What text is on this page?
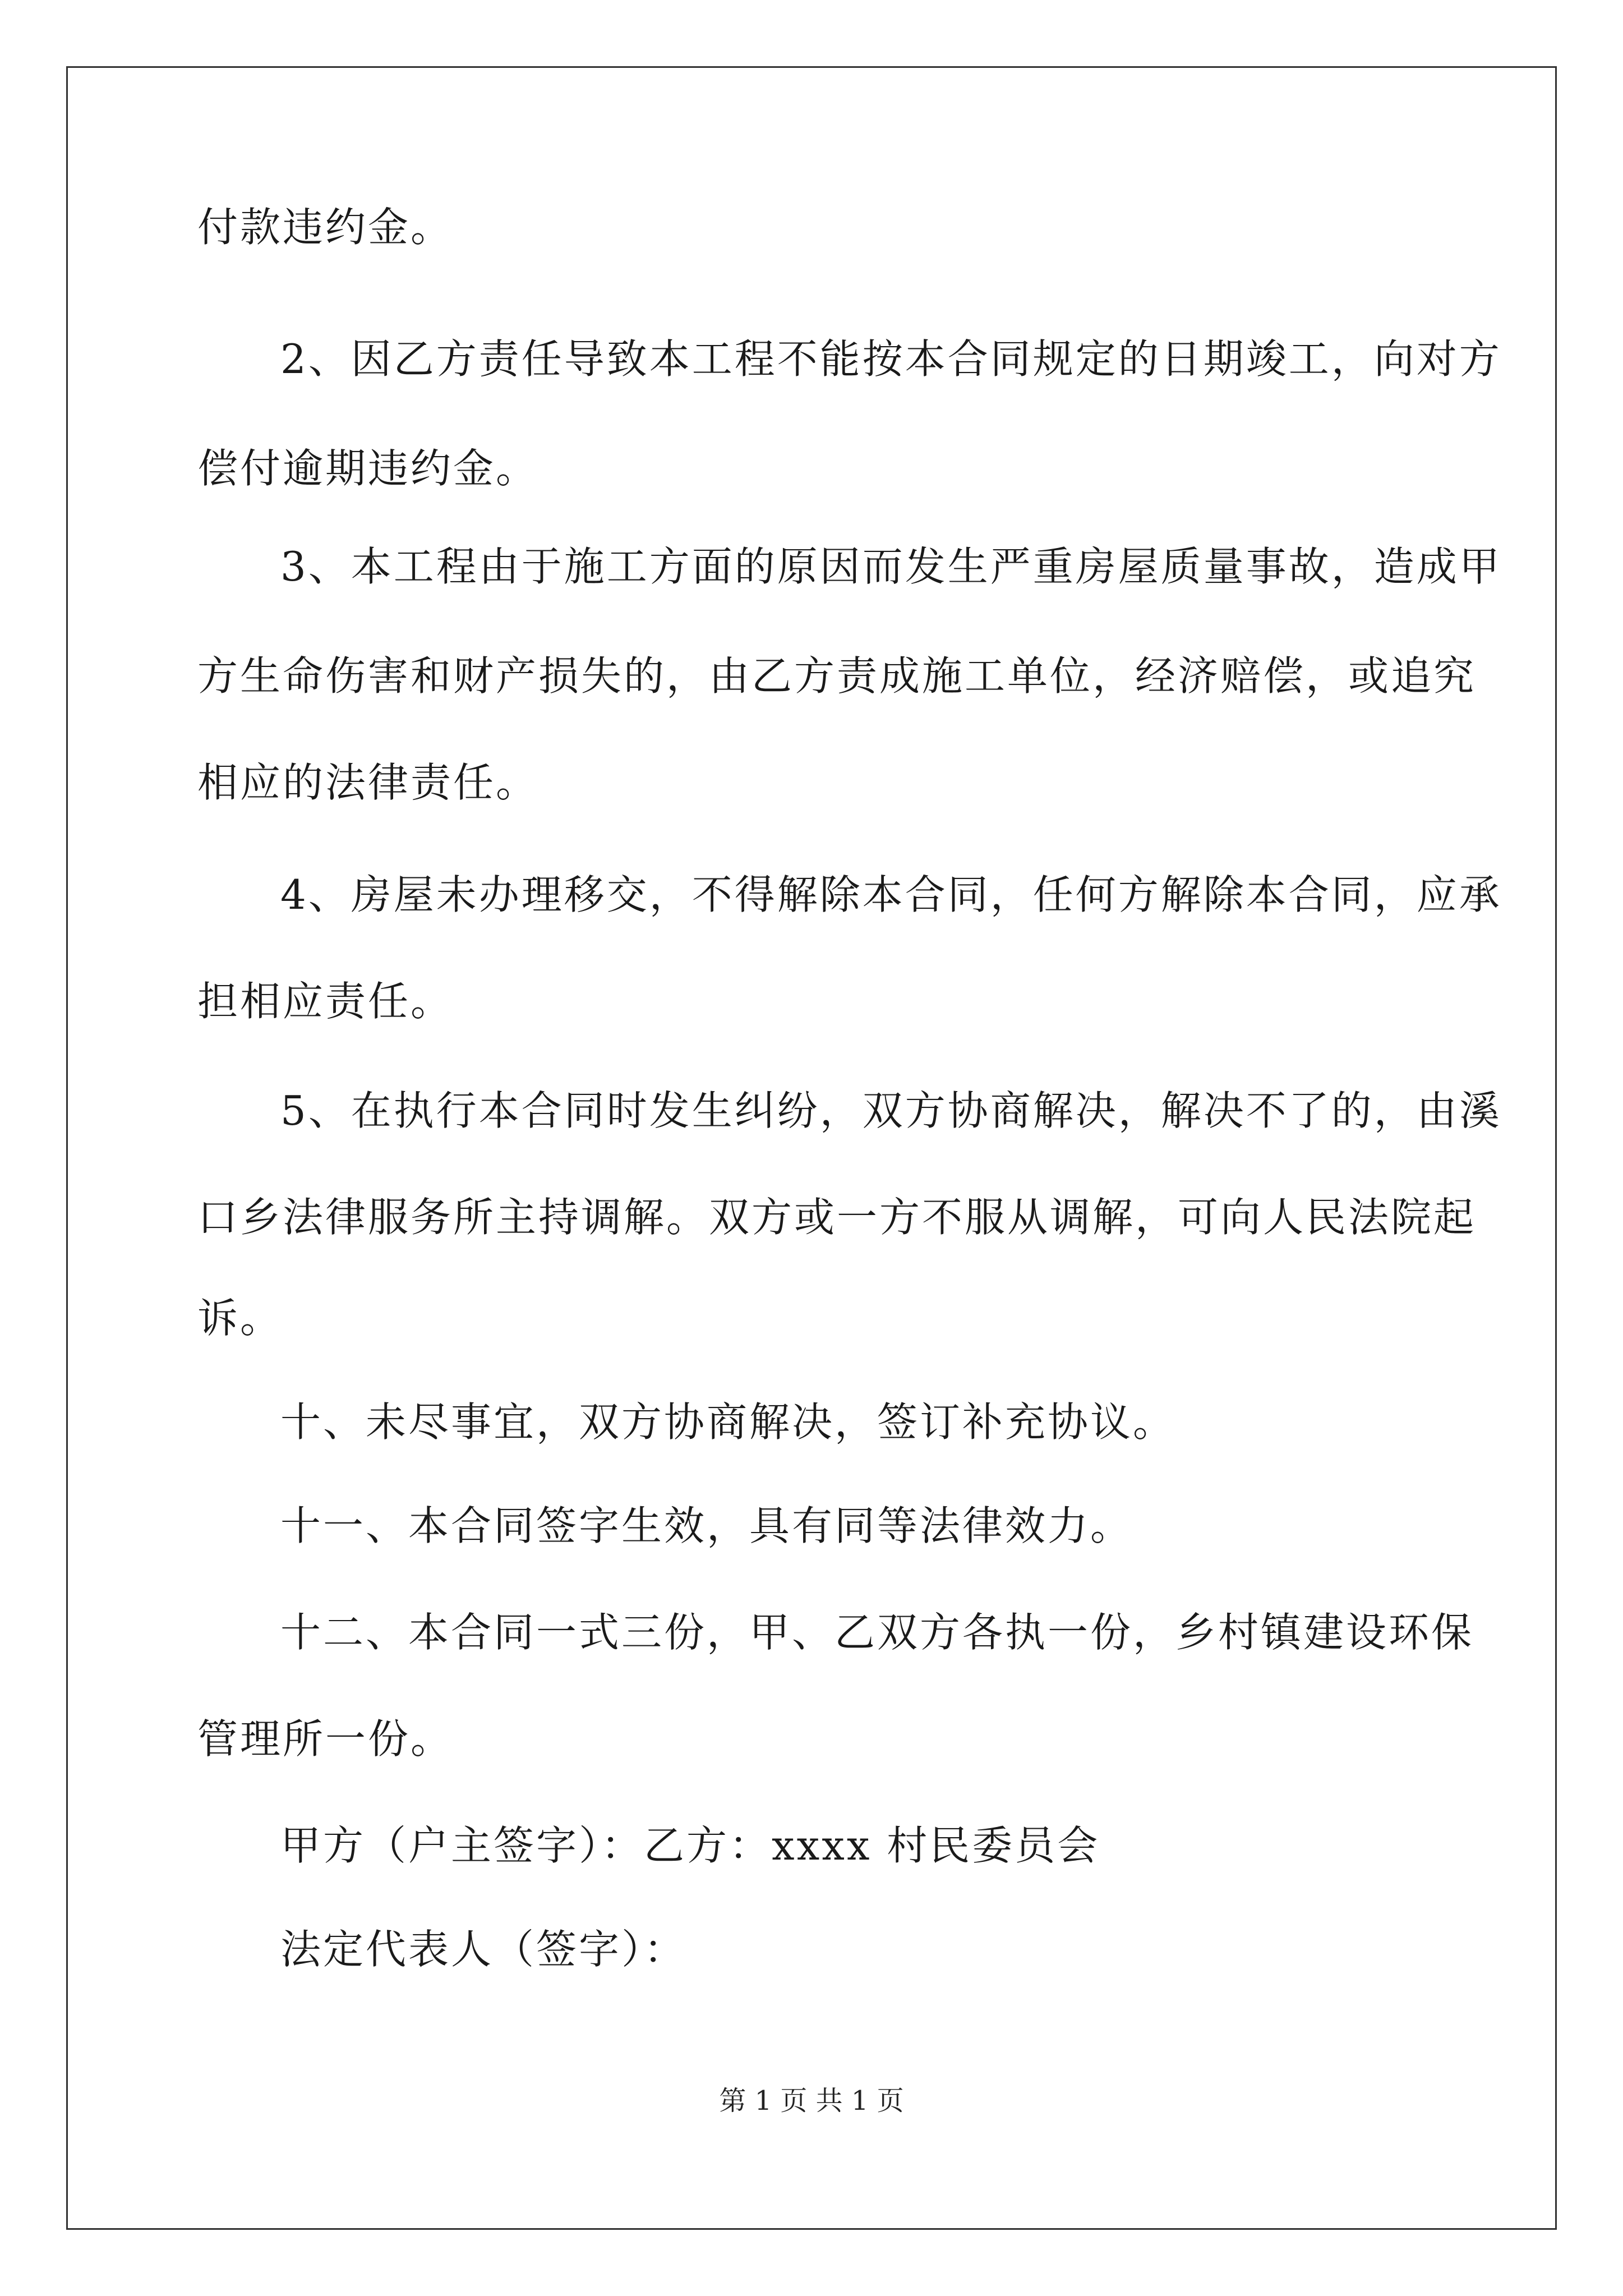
付款违约金。
2、因乙方责任导致本工程不能按本合同规定的日期竣工，向对方
偿付逾期违约金。
3、本工程由于施工方面的原因而发生严重房屋质量事故，造成甲
方生命伤害和财产损失的，由乙方责成施工单位，经济赔偿，或追究
相应的法律责任。
4、房屋未办理移交，不得解除本合同，任何方解除本合同，应承
担相应责任。
5、在执行本合同时发生纠纷，双方协商解决，解决不了的，由溪
口乡法律服务所主持调解。双方或一方不服从调解，可向人民法院起
诉。
十、未尽事宜，双方协商解决，签订补充协议。
十一、本合同签字生效，具有同等法律效力。
十二、本合同一式三份，甲、乙双方各执一份，乡村镇建设环保
管理所一份。
甲方（户主签字）：乙方：xxxx 村民委员会
法定代表人（签字）：
第 1 页 共 1 页
